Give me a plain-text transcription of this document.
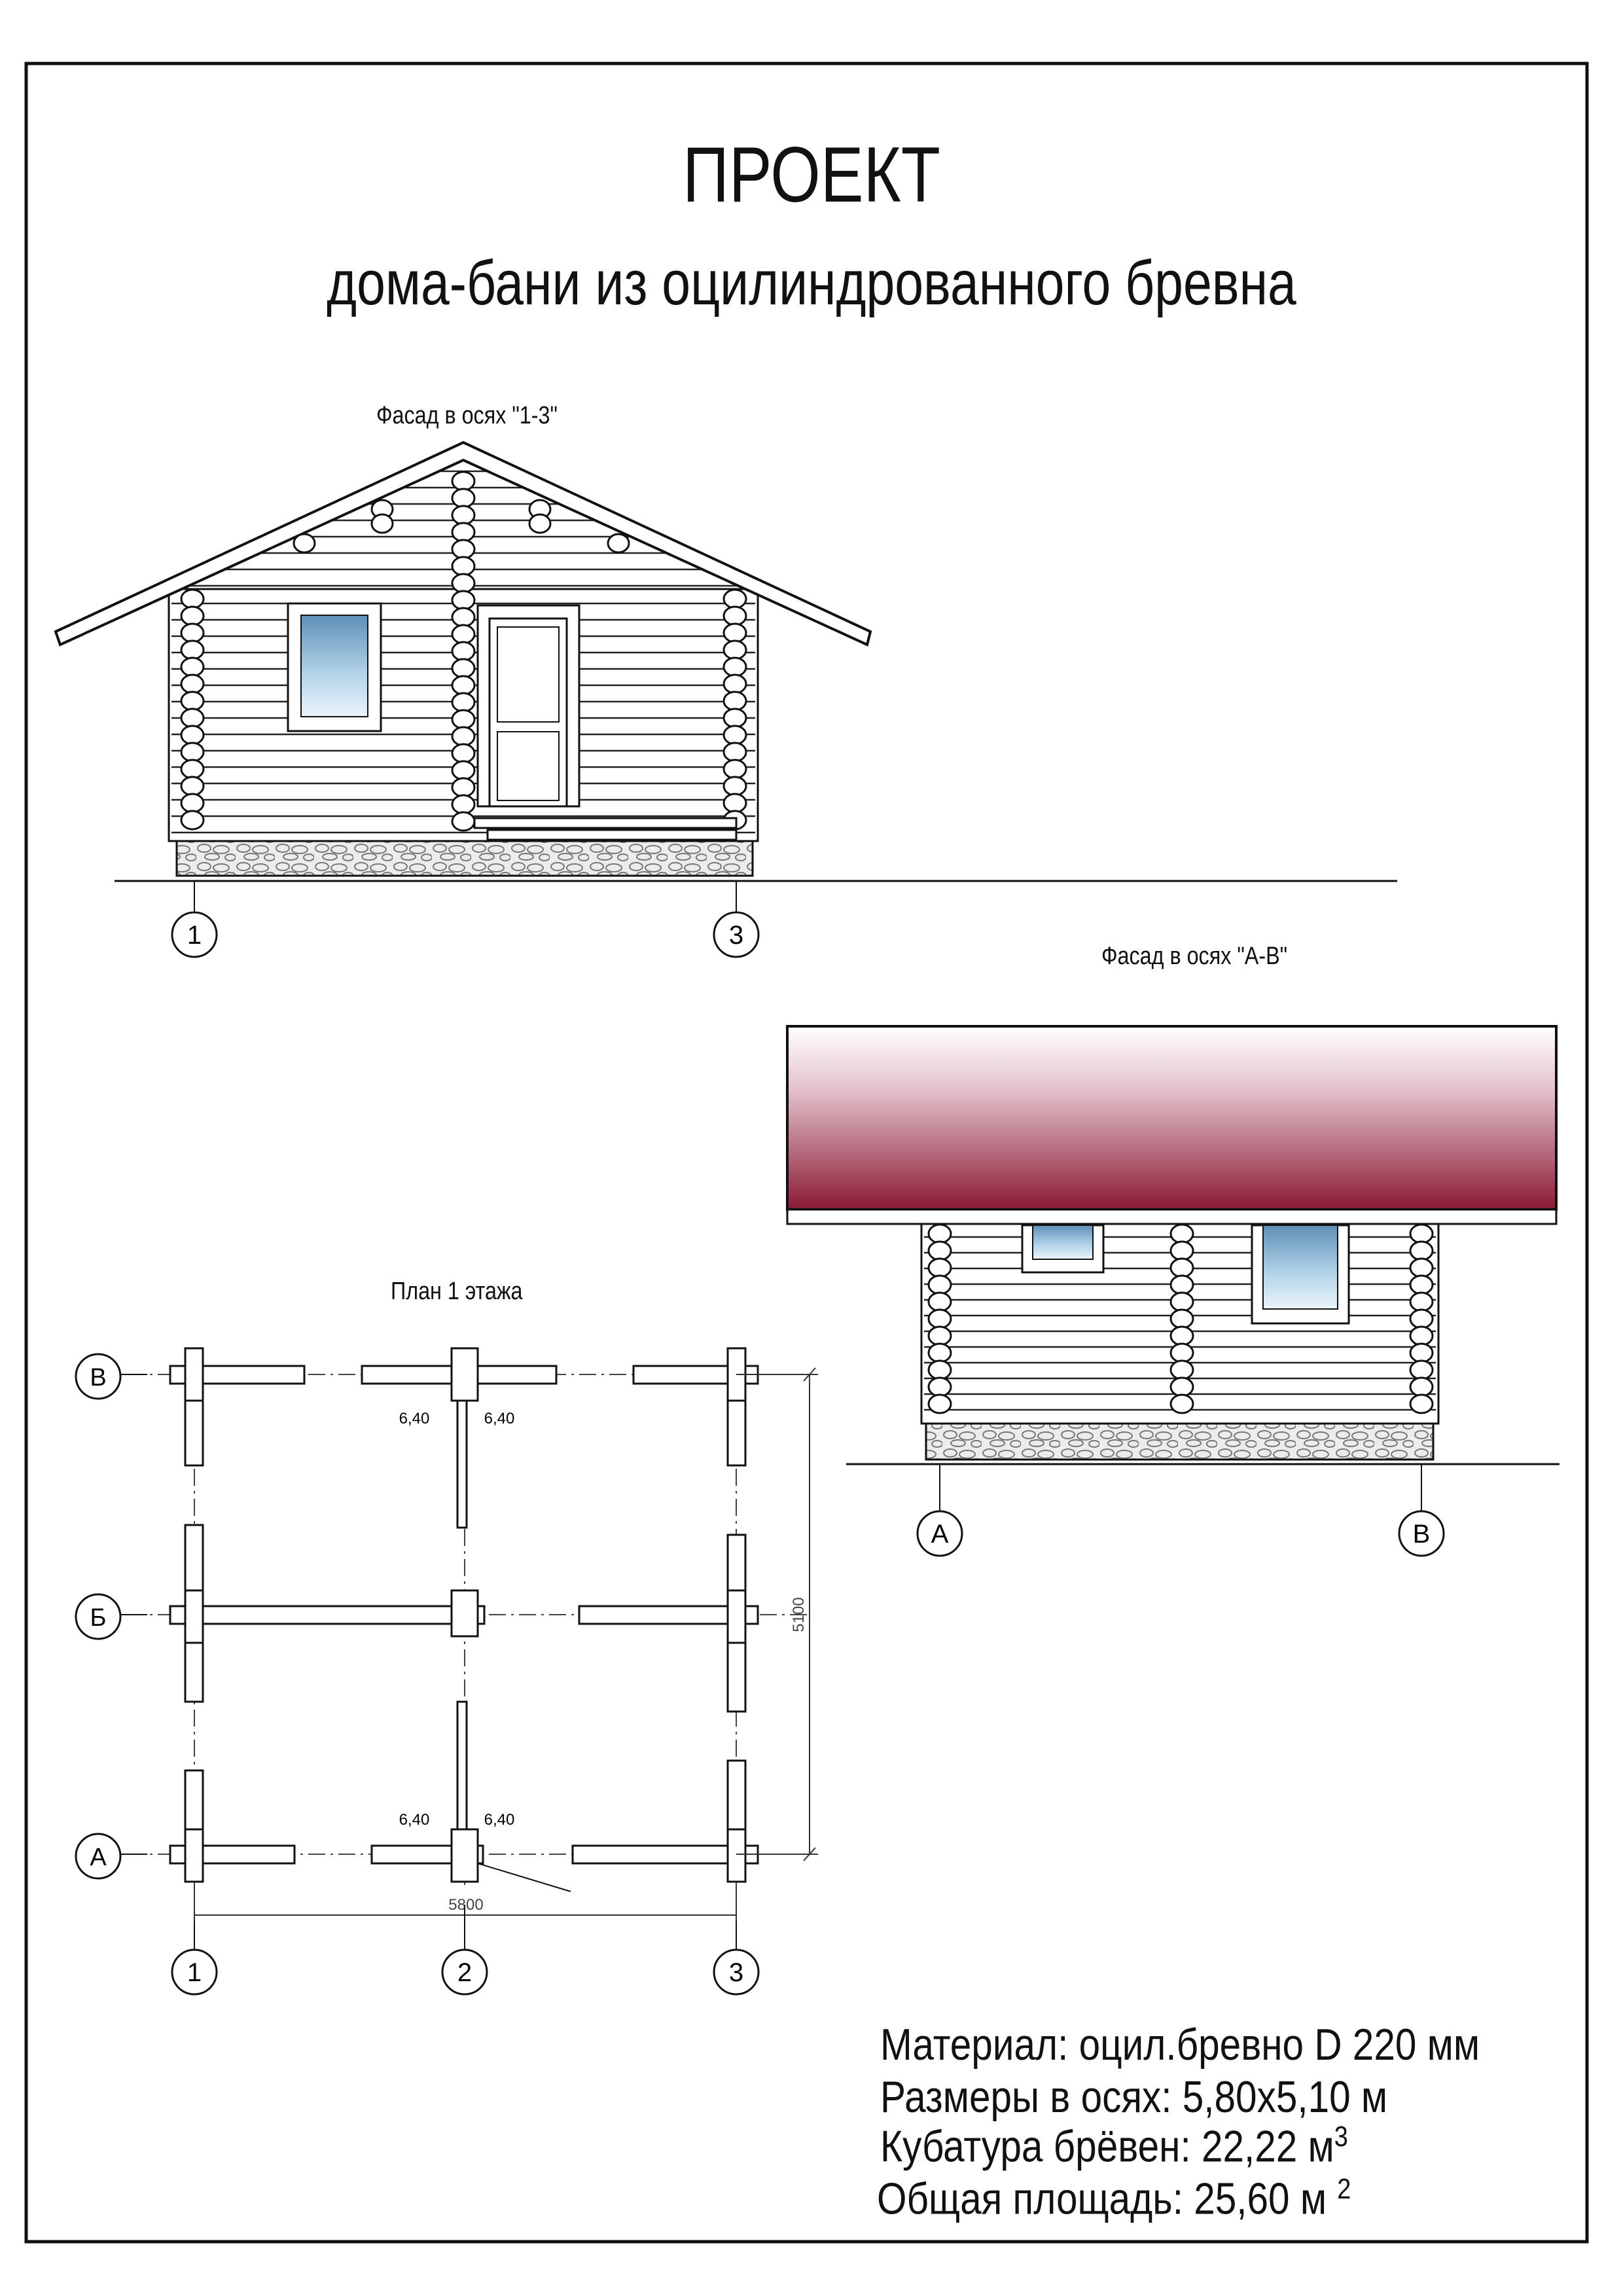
1	3
А	В
5800
5100
6,40	6,40
6,40	6,40
В
Б
А
1	2	3
ПРОЕКТ
дома-бани из оцилиндрованного бревна
Фасад в осях "1-3"
Фасад в осях "А-В"
План 1 этажа
Материал: оцил.бревно D 220 мм
Размеры в осях: 5,80х5,10 м
Кубатура брёвен: 22,22 $м^3$
Общая площадь: 25,60 м $^2$
